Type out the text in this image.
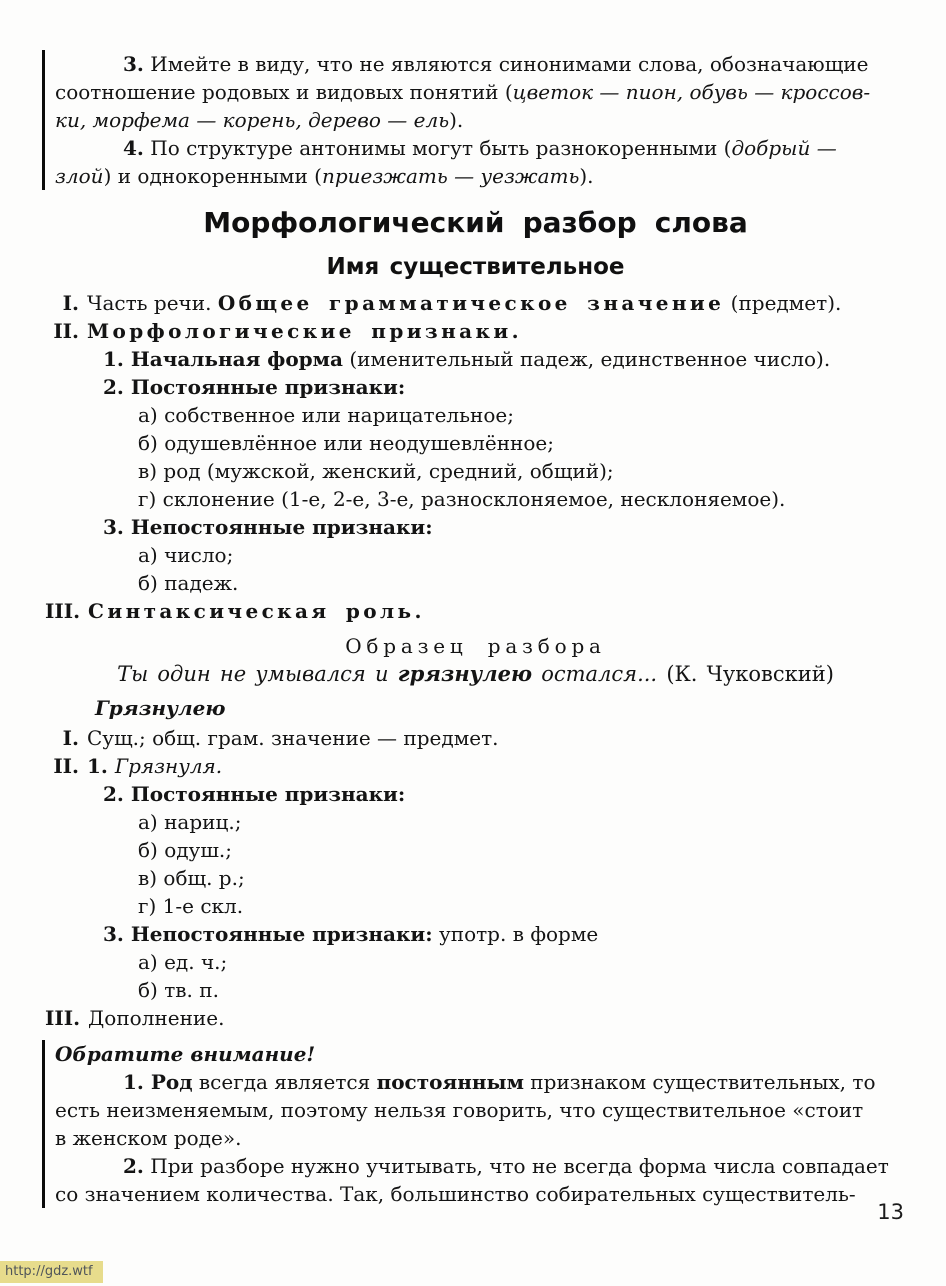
3. Имейте в виду, что не являются синонимами слова, обозначающие
соотношение родовых и видовых понятий (цветок — пион, обувь — кроссов-
ки, морфема — корень, дерево — ель).
4. По структуре антонимы могут быть разнокоренными (добрый —
злой) и однокоренными (приезжать — уезжать).
Морфологический разбор слова
Имя существительное
I. Часть речи. Общее грамматическое значение (предмет).
II. Морфологические признаки.
1. Начальная форма (именительный падеж, единственное число).
2. Постоянные признаки:
а) собственное или нарицательное;
б) одушевлённое или неодушевлённое;
в) род (мужской, женский, средний, общий);
г) склонение (1-е, 2-е, 3-е, разносклоняемое, несклоняемое).
3. Непостоянные признаки:
а) число;
б) падеж.
III. Синтаксическая роль.
Образец разбора
Ты один не умывался и грязнулею остался... (К. Чуковский)
Грязнулею
I. Сущ.; общ. грам. значение — предмет.
II. 1. Грязнуля.
2. Постоянные признаки:
а) нариц.;
б) одуш.;
в) общ. р.;
г) 1-е скл.
3. Непостоянные признаки: употр. в форме
а) ед. ч.;
б) тв. п.
III. Дополнение.
Обратите внимание!
1. Род всегда является постоянным признаком существительных, то
есть неизменяемым, поэтому нельзя говорить, что существительное «стоит
в женском роде».
2. При разборе нужно учитывать, что не всегда форма числа совпадает
со значением количества. Так, большинство собирательных существитель-
13
http://gdz.wtf
